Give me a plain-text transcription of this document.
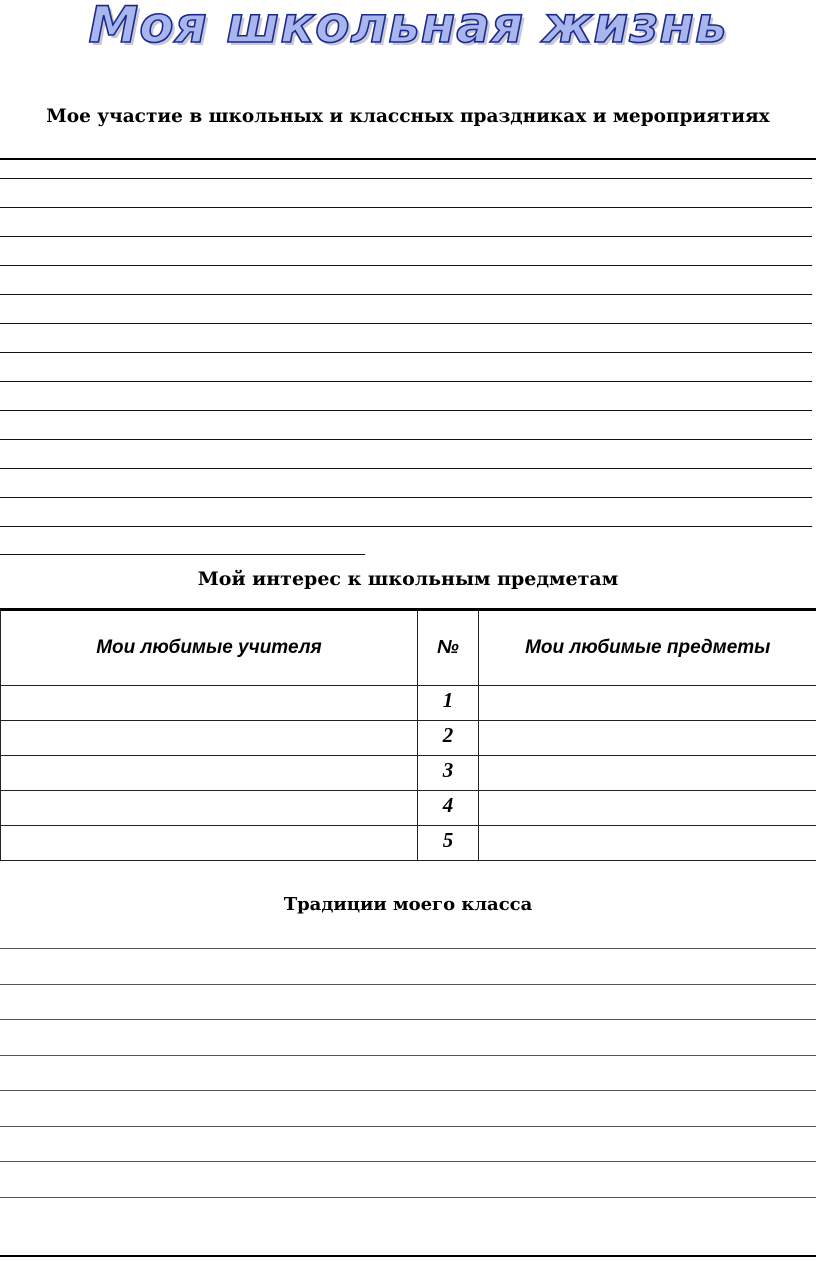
Моя школьная жизнь
Мое участие в школьных и классных праздниках и мероприятиях
Мой интерес к школьным предметам
Мои любимые учителя	№	Мои любимые предметы
	1	
	2	
	3	
	4	
	5	
Традиции моего класса
